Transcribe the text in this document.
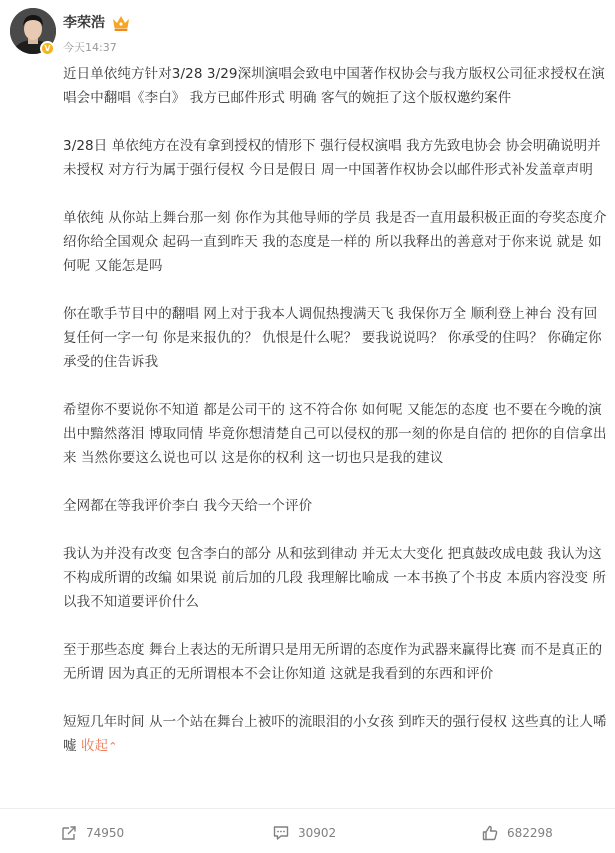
V
李荣浩
今天14:37

近日单依纯方针对3/28 3/29深圳演唱会致电中国著作权协会与我方版权公司征求授权在演唱会中翻唱《李白》 我方已邮件形式 明确 客气的婉拒了这个版权邀约案件

3/28日 单依纯方在没有拿到授权的情形下 强行侵权演唱 我方先致电协会 协会明确说明并未授权 对方行为属于强行侵权 今日是假日 周一中国著作权协会以邮件形式补发盖章声明

单依纯 从你站上舞台那一刻 你作为其他导师的学员 我是否一直用最积极正面的夸奖态度介绍你给全国观众 起码一直到昨天 我的态度是一样的 所以我释出的善意对于你来说 就是 如何呢 又能怎是吗

你在歌手节目中的翻唱 网上对于我本人调侃热搜满天飞 我保你万全 顺利登上神台 没有回复任何一字一句 你是来报仇的？ 仇恨是什么呢？ 要我说说吗？ 你承受的住吗？ 你确定你承受的住告诉我

希望你不要说你不知道 都是公司干的 这不符合你 如何呢 又能怎的态度 也不要在今晚的演出中黯然落泪 博取同情 毕竟你想清楚自己可以侵权的那一刻的你是自信的 把你的自信拿出来 当然你要这么说也可以 这是你的权利 这一切也只是我的建议

全网都在等我评价李白 我今天给一个评价

我认为并没有改变 包含李白的部分 从和弦到律动 并无太大变化 把真鼓改成电鼓 我认为这不构成所谓的改编 如果说 前后加的几段 我理解比喻成 一本书换了个书皮 本质内容没变 所以我不知道要评价什么

至于那些态度 舞台上表达的无所谓只是用无所谓的态度作为武器来赢得比赛 而不是真正的无所谓 因为真正的无所谓根本不会让你知道 这就是我看到的东西和评价

短短几年时间 从一个站在舞台上被吓的流眼泪的小女孩 到昨天的强行侵权 这些真的让人唏嘘 收起⌃

74950	30902	682298
